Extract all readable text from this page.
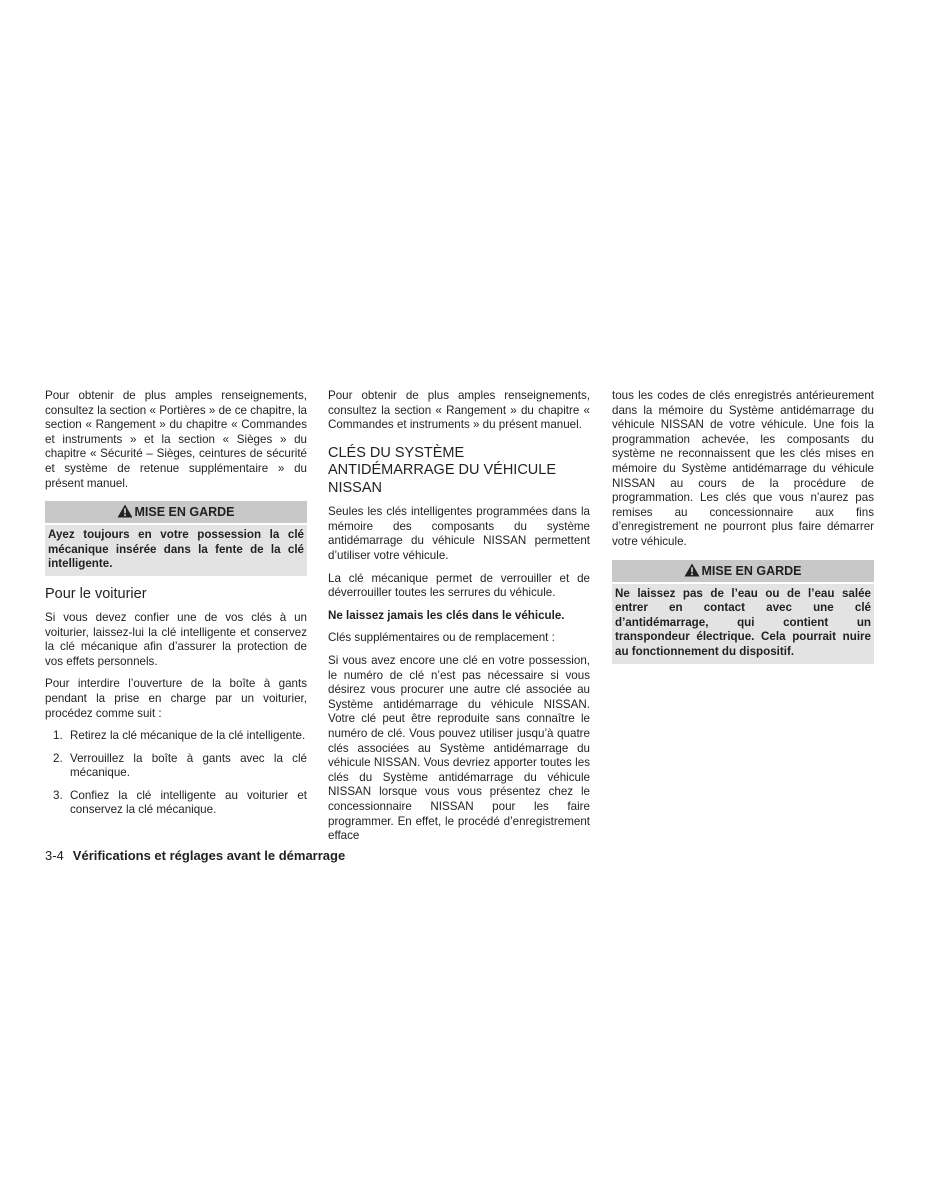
Pour obtenir de plus amples renseignements, consultez la section « Portières » de ce chapitre, la section « Rangement » du chapitre « Commandes et instruments » et la section « Sièges » du chapitre « Sécurité – Sièges, ceintures de sécurité et système de retenue supplémentaire » du présent manuel.

MISE EN GARDE
Ayez toujours en votre possession la clé mécanique insérée dans la fente de la clé intelligente.
Pour le voiturier

Si vous devez confier une de vos clés à un voiturier, laissez-lui la clé intelligente et conservez la clé mécanique afin d’assurer la protection de vos effets personnels.

Pour interdire l’ouverture de la boîte à gants pendant la prise en charge par un voiturier, procédez comme suit :

1. Retirez la clé mécanique de la clé intelligente.
2. Verrouillez la boîte à gants avec la clé mécanique.
3. Confiez la clé intelligente au voiturier et conservez la clé mécanique.

Pour obtenir de plus amples renseignements, consultez la section « Rangement » du chapitre « Commandes et instruments » du présent manuel.

CLÉS DU SYSTÈME ANTIDÉMARRAGE DU VÉHICULE NISSAN

Seules les clés intelligentes programmées dans la mémoire des composants du système antidémarrage du véhicule NISSAN permettent d’utiliser votre véhicule.

La clé mécanique permet de verrouiller et de déverrouiller toutes les serrures du véhicule.

Ne laissez jamais les clés dans le véhicule.

Clés supplémentaires ou de remplacement :

Si vous avez encore une clé en votre possession, le numéro de clé n’est pas nécessaire si vous désirez vous procurer une autre clé associée au Système antidémarrage du véhicule NISSAN. Votre clé peut être reproduite sans connaître le numéro de clé. Vous pouvez utiliser jusqu’à quatre clés associées au Système antidémarrage du véhicule NISSAN. Vous devriez apporter toutes les clés du Système antidémarrage du véhicule NISSAN lorsque vous vous présentez chez le concessionnaire NISSAN pour les faire programmer. En effet, le procédé d’enregistrement efface

tous les codes de clés enregistrés antérieurement dans la mémoire du Système antidémarrage du véhicule NISSAN de votre véhicule. Une fois la programmation achevée, les composants du système ne reconnaissent que les clés mises en mémoire du Système antidémarrage du véhicule NISSAN au cours de la procédure de programmation. Les clés que vous n’aurez pas remises au concessionnaire aux fins d’enregistrement ne pourront plus faire démarrer votre véhicule.

MISE EN GARDE
Ne laissez pas de l’eau ou de l’eau salée entrer en contact avec une clé d’antidémarrage, qui contient un transpondeur électrique. Cela pourrait nuire au fonctionnement du dispositif.
3-4 Vérifications et réglages avant le démarrage
